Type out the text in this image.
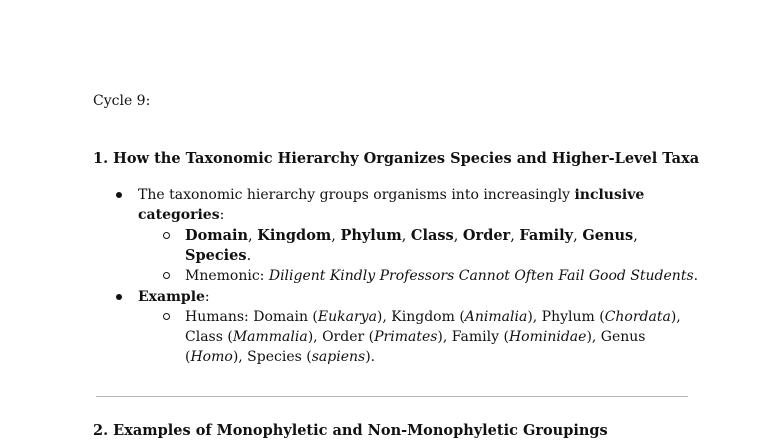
Cycle 9:
1. How the Taxonomic Hierarchy Organizes Species and Higher-Level Taxa
The taxonomic hierarchy groups organisms into increasingly inclusive
categories:
Domain, Kingdom, Phylum, Class, Order, Family, Genus,
Species.
Mnemonic: Diligent Kindly Professors Cannot Often Fail Good Students.
Example:
Humans: Domain (Eukarya), Kingdom (Animalia), Phylum (Chordata),
Class (Mammalia), Order (Primates), Family (Hominidae), Genus
(Homo), Species (sapiens).
2. Examples of Monophyletic and Non-Monophyletic Groupings
